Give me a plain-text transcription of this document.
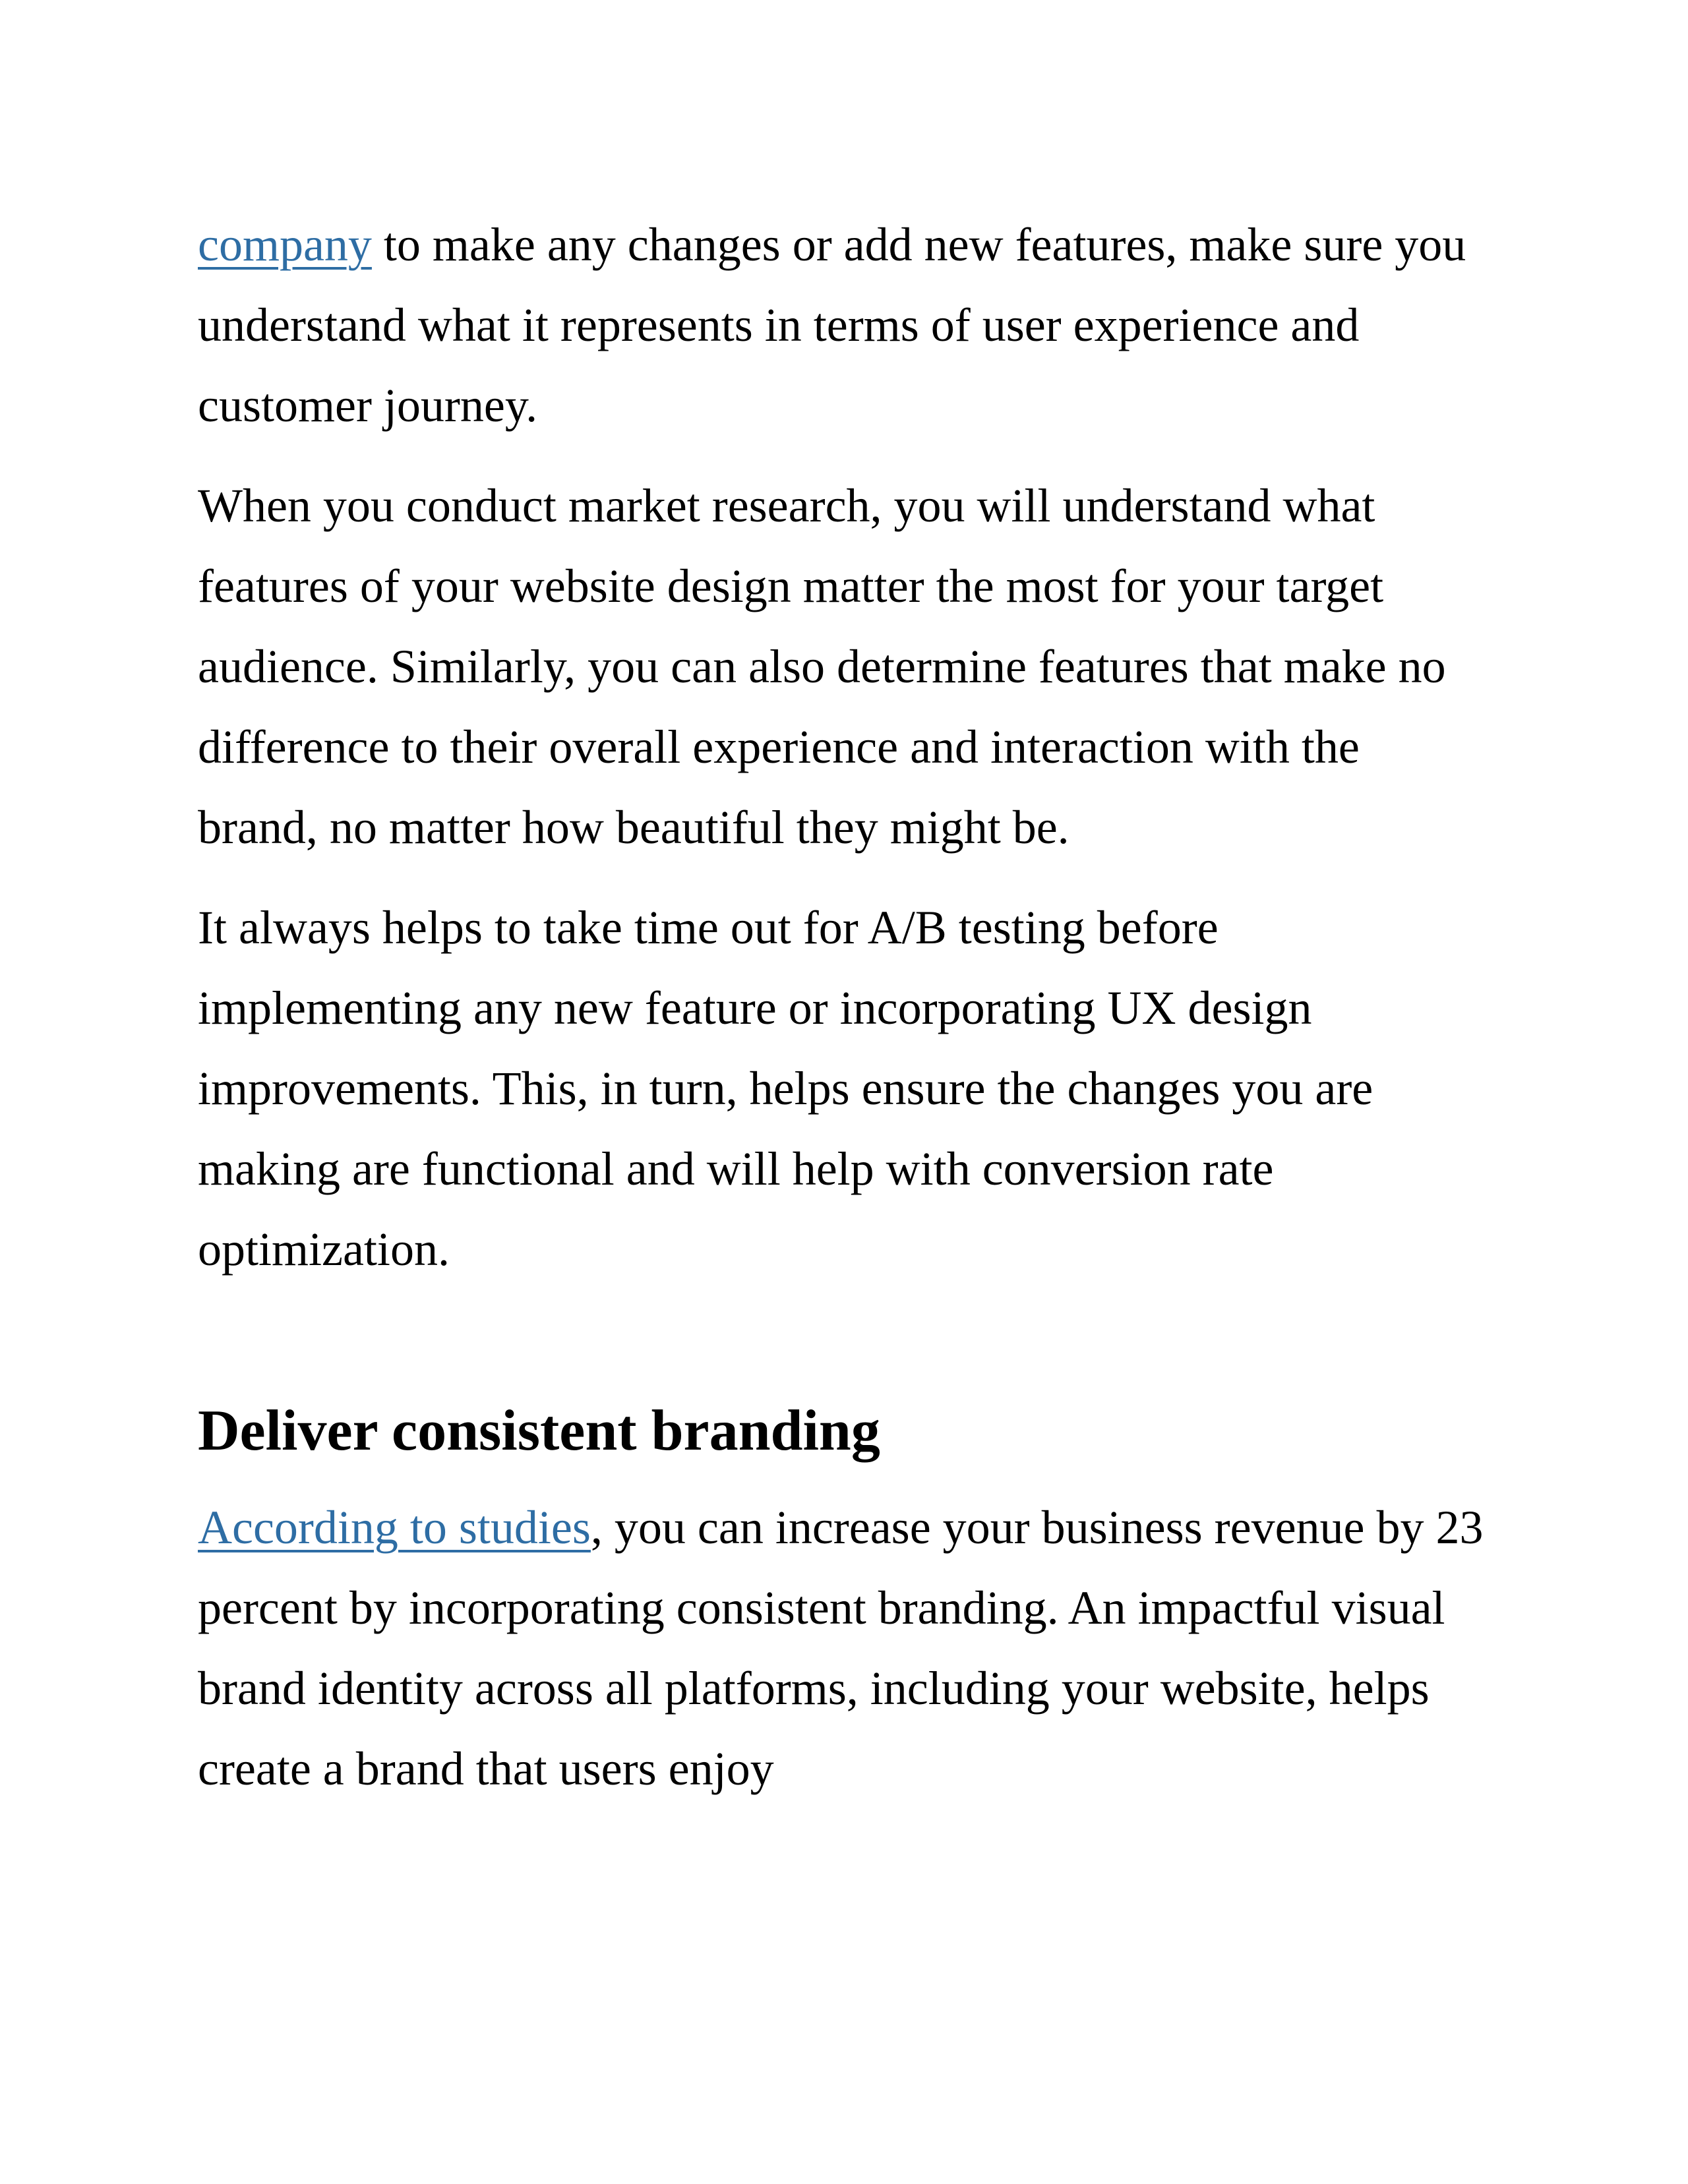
company to make any changes or add new features, make sure you understand what it represents in terms of user experience and customer journey.

When you conduct market research, you will understand what features of your website design matter the most for your target audience. Similarly, you can also determine features that make no difference to their overall experience and interaction with the brand, no matter how beautiful they might be.

It always helps to take time out for A/B testing before implementing any new feature or incorporating UX design improvements. This, in turn, helps ensure the changes you are making are functional and will help with conversion rate optimization.

Deliver consistent branding

According to studies, you can increase your business revenue by 23 percent by incorporating consistent branding. An impactful visual brand identity across all platforms, including your website, helps create a brand that users enjoy
